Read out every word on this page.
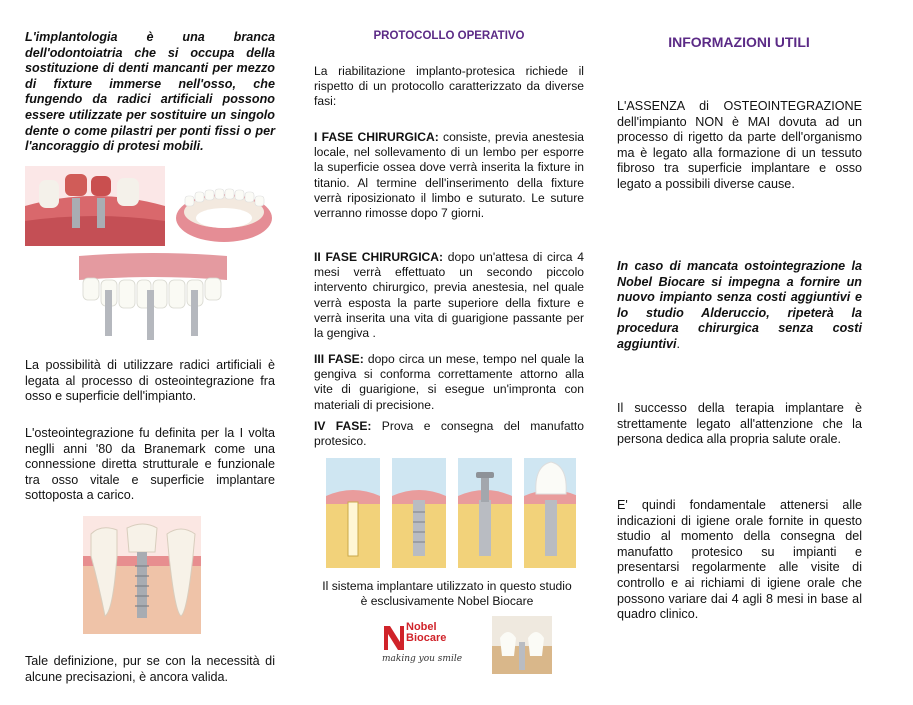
L'implantologia è una branca dell'odontoiatria che si occupa della sostituzione di denti mancanti per mezzo di fixture immerse nell'osso, che fungendo da radici artificiali possono essere utilizzate per sostituire un singolo dente o come pilastri per ponti fissi o per l'ancoraggio di protesi mobili.

La possibilità di utilizzare radici artificiali è legata al processo di osteointegrazione fra osso e superficie dell'impianto.

L'osteointegrazione fu definita per la I volta neglli anni '80 da Branemark come una connessione diretta strutturale e funzionale tra osso vitale e superficie implantare sottoposta a carico.

Tale definizione, pur se con la necessità di alcune precisazioni, è ancora valida.

PROTOCOLLO OPERATIVO

La riabilitazione implanto-protesica richiede il rispetto di un protocollo caratterizzato da diverse fasi:

I FASE CHIRURGICA: consiste, previa anestesia locale, nel sollevamento di un lembo per esporre la superficie ossea dove verrà inserita la fixture in titanio. Al termine dell'inserimento della fixture verrà riposizionato il limbo e suturato. Le suture verranno rimosse dopo 7 giorni.

II FASE CHIRURGICA: dopo un'attesa di circa 4 mesi verrà effettuato un secondo piccolo intervento chirurgico, previa anestesia, nel quale verrà esposta la parte superiore della fixture e verrà inserita una vita di guarigione passante per la gengiva .

III FASE: dopo circa un mese, tempo nel quale la gengiva si conforma correttamente attorno alla vite di guarigione, si esegue un'impronta con materiali di precisione.

IV FASE: Prova e consegna del manufatto protesico.

Il sistema implantare utilizzato in questo studio è esclusivamente Nobel Biocare

Nobel
Biocare
making you smile
INFORMAZIONI UTILI

L'ASSENZA di OSTEOINTEGRAZIONE dell'impianto NON è MAI dovuta ad un processo di rigetto da parte dell'organismo ma è legato alla formazione di un tessuto fibroso tra superficie implantare e osso legato a possibili diverse cause.

In caso di mancata ostointegrazione la Nobel Biocare si impegna a fornire un nuovo impianto senza costi aggiuntivi e lo studio Alderuccio, ripeterà la procedura chirurgica senza costi aggiuntivi.

Il successo della terapia implantare è strettamente legato all'attenzione che la persona dedica alla propria salute orale.

E' quindi fondamentale attenersi alle indicazioni di igiene orale fornite in questo studio al momento della consegna del manufatto protesico su impianti e presentarsi regolarmente alle visite di controllo e ai richiami di igiene orale che possono variare dai 4 agli 8 mesi in base al quadro clinico.
